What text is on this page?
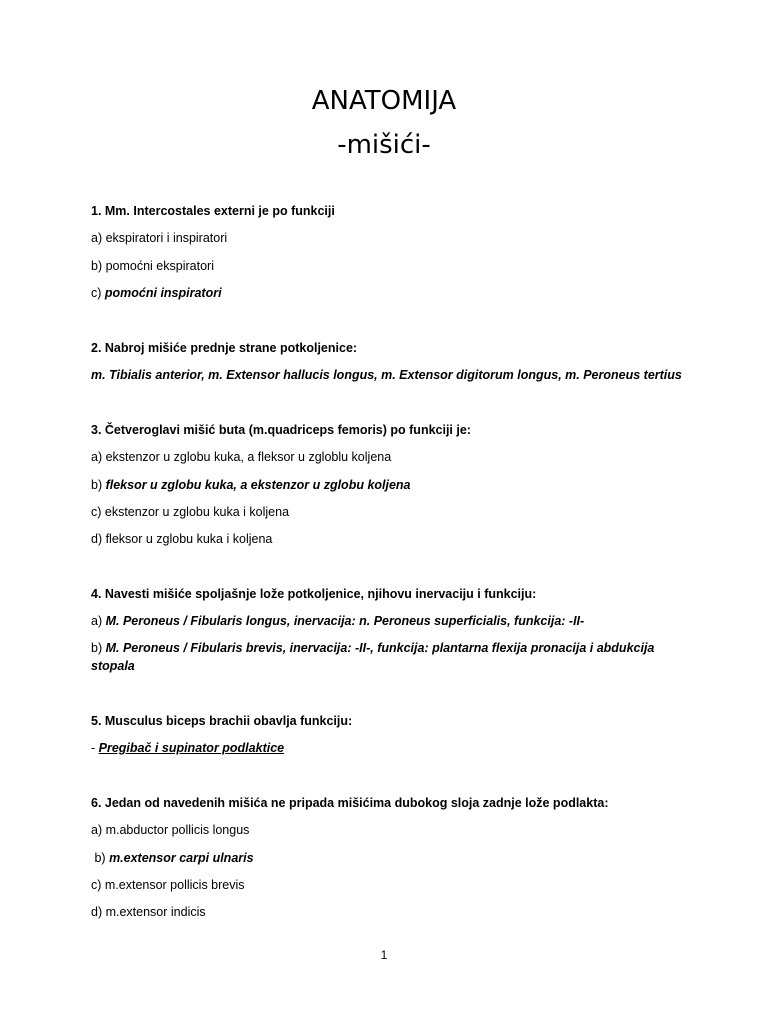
ANATOMIJA
-mišići-
1. Mm. Intercostales externi je po funkciji
a) ekspiratori i inspiratori
b) pomoćni ekspiratori
c) pomoćni inspiratori
2. Nabroj mišiće prednje strane potkoljenice:
m. Tibialis anterior, m. Extensor hallucis longus, m. Extensor digitorum longus, m. Peroneus tertius
3. Četveroglavi mišić buta (m.quadriceps femoris) po funkciji je:
a) ekstenzor u zglobu kuka, a fleksor u zgloblu koljena
b) fleksor u zglobu kuka, a ekstenzor u zglobu koljena
c) ekstenzor u zglobu kuka i koljena
d) fleksor u zglobu kuka i koljena
4. Navesti mišiće spoljašnje lože potkoljenice, njihovu inervaciju i funkciju:
a) M. Peroneus / Fibularis longus, inervacija: n. Peroneus superficialis, funkcija: -II-
b) M. Peroneus / Fibularis brevis, inervacija: -II-, funkcija: plantarna flexija pronacija i abdukcija
stopala
5. Musculus biceps brachii obavlja funkciju:
- Pregibač i supinator podlaktice
6. Jedan od navedenih mišića ne pripada mišićima dubokog sloja zadnje lože podlakta:
a) m.abductor pollicis longus
b) m.extensor carpi ulnaris
c) m.extensor pollicis brevis
d) m.extensor indicis
1
